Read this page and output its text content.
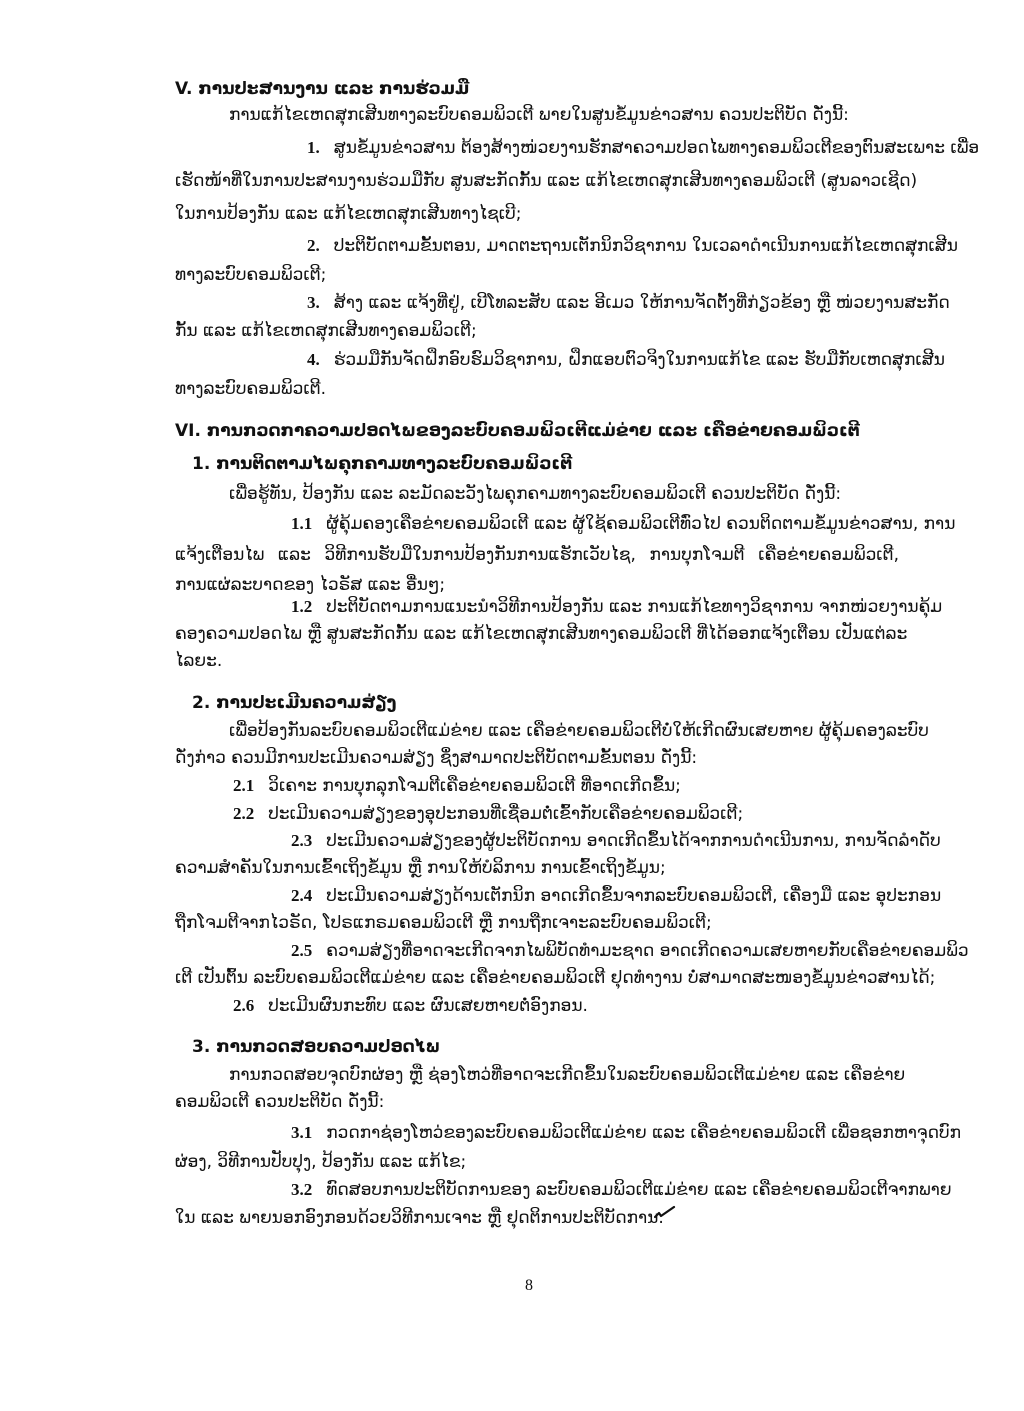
V. ການປະສານງານ ແລະ ການຮ່ວມມື
ການແກ້ໄຂເຫດສຸກເສີນທາງລະບົບຄອມພິວເຕີ ພາຍໃນສູນຂໍ້ມູນຂ່າວສານ ຄວນປະຕິບັດ ດັ່ງນີ້:
1. ສູນຂໍ້ມູນຂ່າວສານ ຕ້ອງສ້າງໜ່ວຍງານຮັກສາຄວາມປອດໄພທາງຄອມພິວເຕີຂອງຕົນສະເພາະ ເພື່ອ
ເຮັດໜ້າທີ່ໃນການປະສານງານຮ່ວມມືກັບ ສູນສະກັດກັ້ນ ແລະ ແກ້ໄຂເຫດສຸກເສີນທາງຄອມພິວເຕີ (ສູນລາວເຊີດ)
ໃນການປ້ອງກັນ ແລະ ແກ້ໄຂເຫດສຸກເສີນທາງໄຊເບີ;
2. ປະຕິບັດຕາມຂັ້ນຕອນ, ມາດຕະຖານເຕັກນິກວິຊາການ ໃນເວລາດຳເນີນການແກ້ໄຂເຫດສຸກເສີນ
ທາງລະບົບຄອມພິວເຕີ;
3. ສ້າງ ແລະ ແຈ້ງທີ່ຢູ່, ເບີໂທລະສັບ ແລະ ອີເມວ ໃຫ້ການຈັດຕັ້ງທີ່ກ່ຽວຂ້ອງ ຫຼື ໜ່ວຍງານສະກັດ
ກັ້ນ ແລະ ແກ້ໄຂເຫດສຸກເສີນທາງຄອມພິວເຕີ;
4. ຮ່ວມມືກັນຈັດຝຶກອົບຮົມວິຊາການ, ຝຶກແອບຕົວຈິງໃນການແກ້ໄຂ ແລະ ຮັບມືກັບເຫດສຸກເສີນ
ທາງລະບົບຄອມພິວເຕີ.
VI. ການກວດກາຄວາມປອດໄພຂອງລະບົບຄອມພິວເຕີແມ່ຂ່າຍ ແລະ ເຄືອຂ່າຍຄອມພິວເຕີ
1. ການຕິດຕາມໄພຄຸກຄາມທາງລະບົບຄອມພິວເຕີ
ເພື່ອຮູ້ທັນ, ປ້ອງກັນ ແລະ ລະມັດລະວັງໄພຄຸກຄາມທາງລະບົບຄອມພິວເຕີ ຄວນປະຕິບັດ ດັ່ງນີ້:
1.1 ຜູ້ຄຸ້ມຄອງເຄືອຂ່າຍຄອມພິວເຕີ ແລະ ຜູ້ໃຊ້ຄອມພິວເຕີທົ່ວໄປ ຄວນຕິດຕາມຂໍ້ມູນຂ່າວສານ, ການ
ແຈ້ງເຕືອນໄພ ແລະ ວິທີການຮັບມືໃນການປ້ອງກັນການແຮັກເວັບໄຊ, ການບຸກໂຈມຕີ ເຄືອຂ່າຍຄອມພິວເຕີ,
ການແຜ່ລະບາດຂອງ ໄວຣັສ ແລະ ອື່ນໆ;
1.2 ປະຕິບັດຕາມການແນະນຳວິທີການປ້ອງກັນ ແລະ ການແກ້ໄຂທາງວິຊາການ ຈາກໜ່ວຍງານຄຸ້ມ
ຄອງຄວາມປອດໄພ ຫຼື ສູນສະກັດກັ້ນ ແລະ ແກ້ໄຂເຫດສຸກເສີນທາງຄອມພິວເຕີ ທີ່ໄດ້ອອກແຈ້ງເຕືອນ ເປັນແຕ່ລະ
ໄລຍະ.
2. ການປະເມີນຄວາມສ່ຽງ
ເພື່ອປ້ອງກັນລະບົບຄອມພິວເຕີແມ່ຂ່າຍ ແລະ ເຄືອຂ່າຍຄອມພິວເຕີບໍ່ໃຫ້ເກີດຜົນເສຍຫາຍ ຜູ້ຄຸ້ມຄອງລະບົບ
ດັ່ງກ່າວ ຄວນມີການປະເມີນຄວາມສ່ຽງ ຊຶ່ງສາມາດປະຕິບັດຕາມຂັ້ນຕອນ ດັ່ງນີ້:
2.1 ວິເຄາະ ການບຸກລຸກໂຈມຕີເຄືອຂ່າຍຄອມພິວເຕີ ທີ່ອາດເກີດຂຶ້ນ;
2.2 ປະເມີນຄວາມສ່ຽງຂອງອຸປະກອນທີ່ເຊື່ອມຕໍ່ເຂົ້າກັບເຄືອຂ່າຍຄອມພິວເຕີ;
2.3 ປະເມີນຄວາມສ່ຽງຂອງຜູ້ປະຕິບັດການ ອາດເກີດຂຶ້ນໄດ້ຈາກການດຳເນີນການ, ການຈັດລຳດັບ
ຄວາມສຳຄັນໃນການເຂົ້າເຖິງຂໍ້ມູນ ຫຼື ການໃຫ້ບໍລິການ ການເຂົ້າເຖິງຂໍ້ມູນ;
2.4 ປະເມີນຄວາມສ່ຽງດ້ານເຕັກນິກ ອາດເກີດຂຶ້ນຈາກລະບົບຄອມພິວເຕີ, ເຄື່ອງມື ແລະ ອຸປະກອນ
ຖືກໂຈມຕີຈາກໄວຣັດ, ໂປຣແກຣມຄອມພິວເຕີ ຫຼື ການຖືກເຈາະລະບົບຄອມພິວເຕີ;
2.5 ຄວາມສ່ຽງທີ່ອາດຈະເກີດຈາກໄພພິບັດທຳມະຊາດ ອາດເກີດຄວາມເສຍຫາຍກັບເຄືອຂ່າຍຄອມພິວ
ເຕີ ເປັນຕົ້ນ ລະບົບຄອມພິວເຕີແມ່ຂ່າຍ ແລະ ເຄືອຂ່າຍຄອມພິວເຕີ ຢຸດທຳງານ ບໍ່ສາມາດສະໜອງຂໍ້ມູນຂ່າວສານໄດ້;
2.6 ປະເມີນຜົນກະທົບ ແລະ ຜົນເສຍຫາຍຕໍ່ອົງກອນ.
3. ການກວດສອບຄວາມປອດໄພ
ການກວດສອບຈຸດບົກຜ່ອງ ຫຼື ຊ່ອງໂຫວ່ທີ່ອາດຈະເກີດຂຶ້ນໃນລະບົບຄອມພິວເຕີແມ່ຂ່າຍ ແລະ ເຄືອຂ່າຍ
ຄອມພິວເຕີ ຄວນປະຕິບັດ ດັ່ງນີ້:
3.1 ກວດກາຊ່ອງໂຫວ່ຂອງລະບົບຄອມພິວເຕີແມ່ຂ່າຍ ແລະ ເຄືອຂ່າຍຄອມພິວເຕີ ເພື່ອຊອກຫາຈຸດບົກ
ຜ່ອງ, ວິທີການປັບປຸງ, ປ້ອງກັນ ແລະ ແກ້ໄຂ;
3.2 ທົດສອບການປະຕິບັດການຂອງ ລະບົບຄອມພິວເຕີແມ່ຂ່າຍ ແລະ ເຄືອຂ່າຍຄອມພິວເຕີຈາກພາຍ
ໃນ ແລະ ພາຍນອກອົງກອນດ້ວຍວິທີການເຈາະ ຫຼື ຢຸດຕິການປະຕິບັດການ.
8
